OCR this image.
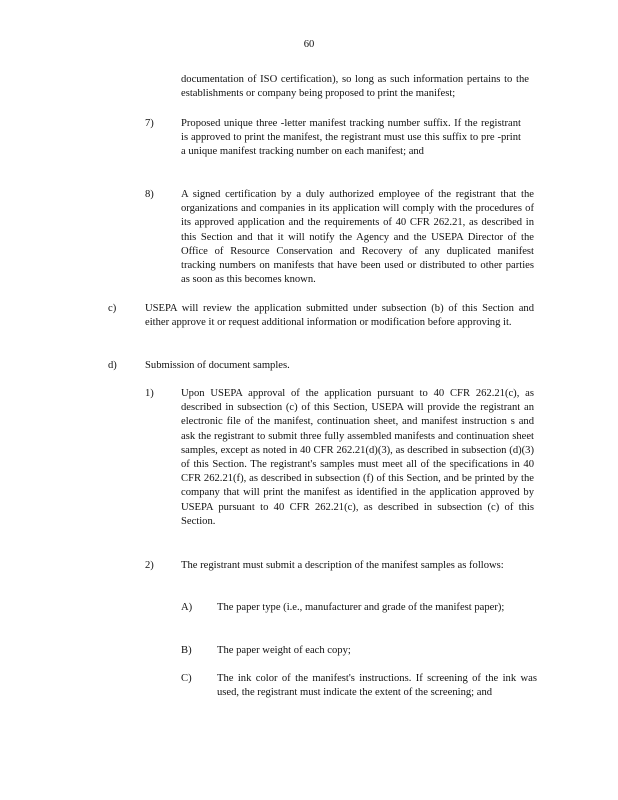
60
documentation of ISO certification), so long as such information pertains to the establishments or company being proposed to print the manifest;
7)	Proposed unique three -letter manifest tracking number suffix. If the registrant is approved to print the manifest, the registrant must use this suffix to pre -print a unique manifest tracking number on each manifest; and
8)	A signed certification by a duly authorized employee of the registrant that the organizations and companies in its application will comply with the procedures of its approved application and the requirements of 40 CFR 262.21, as described in this Section and that it will notify the Agency and the USEPA Director of the Office of Resource Conservation and Recovery of any duplicated manifest tracking numbers on manifests that have been used or distributed to other parties as soon as this becomes known.
c)	USEPA will review the application submitted under subsection (b) of this Section and either approve it or request additional information or modification before approving it.
d)	Submission of document samples.
1)	Upon USEPA approval of the application pursuant to 40 CFR 262.21(c), as described in subsection (c) of this Section, USEPA will provide the registrant an electronic file of the manifest, continuation sheet, and manifest instruction s and ask the registrant to submit three fully assembled manifests and continuation sheet samples, except as noted in 40 CFR 262.21(d)(3), as described in subsection (d)(3) of this Section. The registrant's samples must meet all of the specifications in 40 CFR 262.21(f), as described in subsection (f) of this Section, and be printed by the company that will print the manifest as identified in the application approved by USEPA pursuant to 40 CFR 262.21(c), as described in subsection (c) of this Section.
2)	The registrant must submit a description of the manifest samples as follows:
A) The paper type (i.e., manufacturer and grade of the manifest paper);
B) The paper weight of each copy;
C) The ink color of the manifest's instructions. If screening of the ink was used, the registrant must indicate the extent of the screening; and
